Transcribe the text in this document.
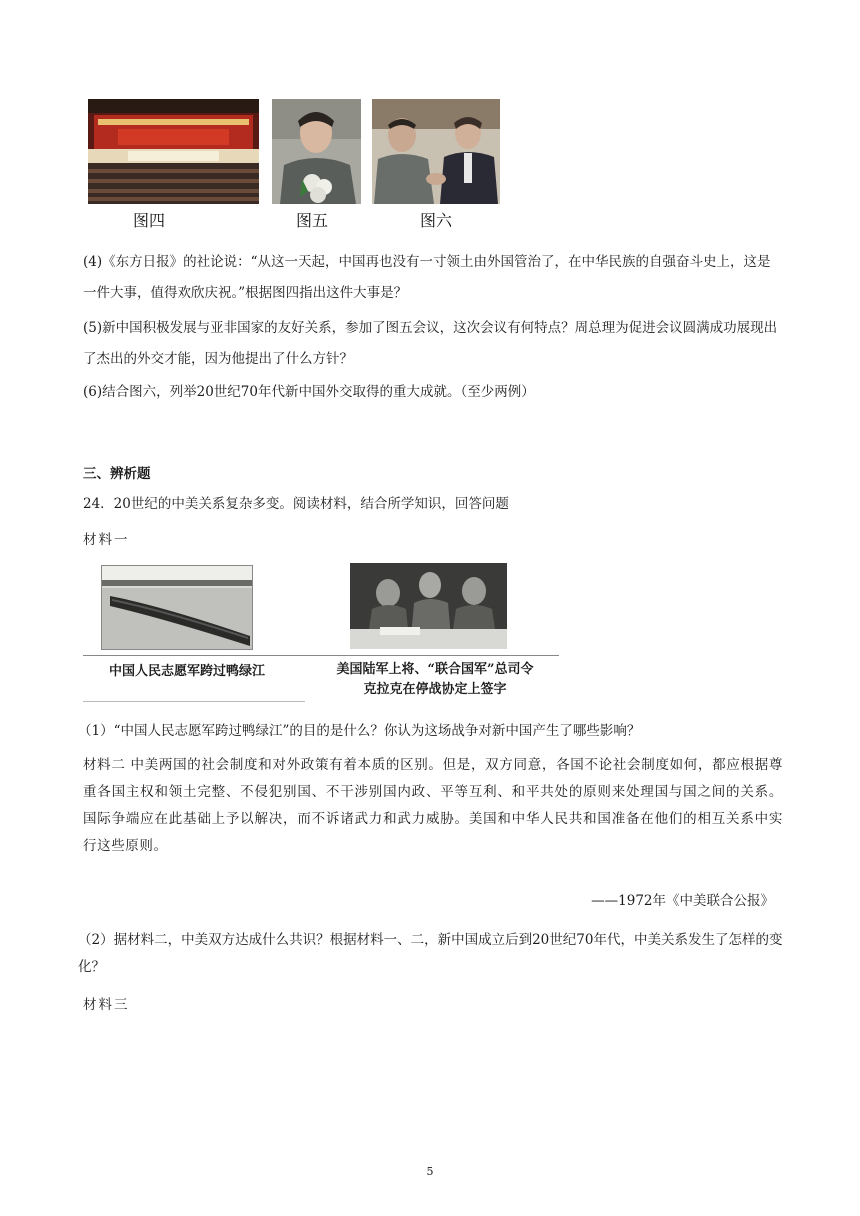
图四	图五	图六
(4)《东方日报》的社论说：“从这一天起，中国再也没有一寸领土由外国管治了，在中华民族的自强奋斗史上，这是一件大事，值得欢欣庆祝。”根据图四指出这件大事是？
(5)新中国积极发展与亚非国家的友好关系，参加了图五会议，这次会议有何特点？周总理为促进会议圆满成功展现出了杰出的外交才能，因为他提出了什么方针？
(6)结合图六，列举20世纪70年代新中国外交取得的重大成就。（至少两例）
三、辨析题
24．20世纪的中美关系复杂多变。阅读材料，结合所学知识，回答问题
材料一
中国人民志愿军跨过鸭绿江	美国陆军上将、“联合国军”总司令
克拉克在停战协定上签字
（1）“中国人民志愿军跨过鸭绿江”的目的是什么？你认为这场战争对新中国产生了哪些影响？
材料二 中美两国的社会制度和对外政策有着本质的区别。但是，双方同意，各国不论社会制度如何，都应根据尊重各国主权和领土完整、不侵犯别国、不干涉别国内政、平等互利、和平共处的原则来处理国与国之间的关系。国际争端应在此基础上予以解决，而不诉诸武力和武力威胁。美国和中华人民共和国准备在他们的相互关系中实行这些原则。
——1972年《中美联合公报》
（2）据材料二，中美双方达成什么共识？根据材料一、二，新中国成立后到20世纪70年代，中美关系发生了怎样的变化？
材料三
5
